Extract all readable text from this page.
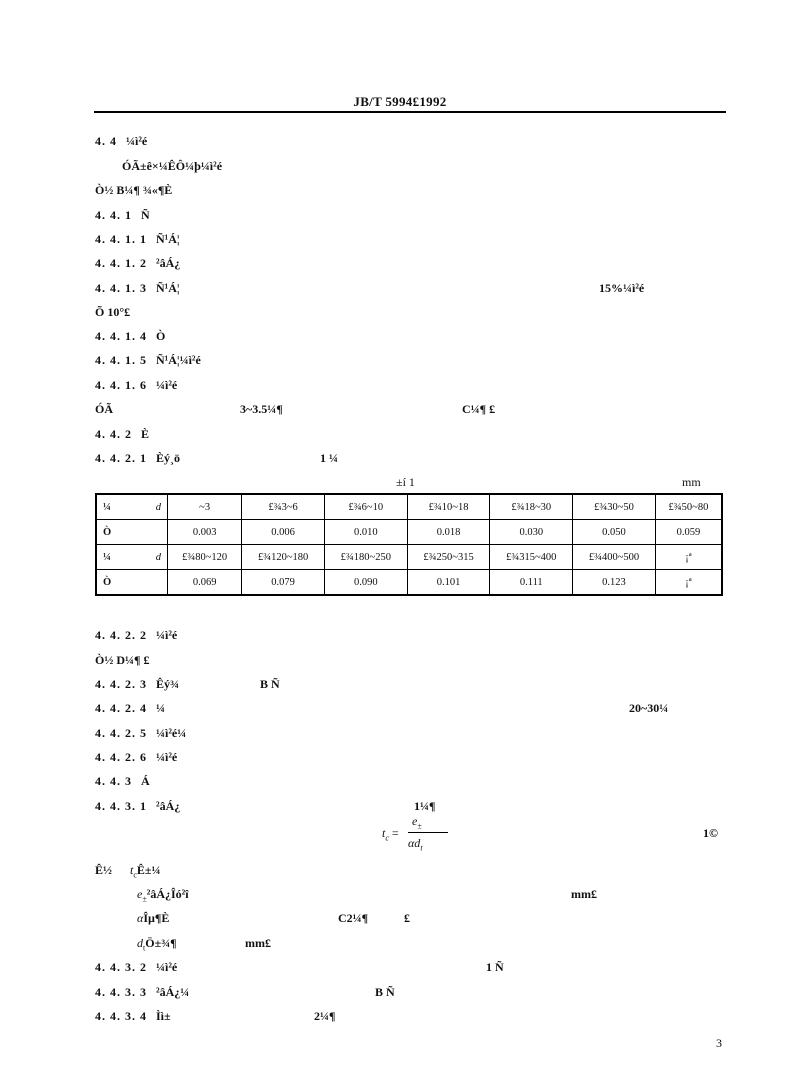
JB/T 5994£1992
4. 4 ¼ì²é
ÓÃ±ê×¼ÊÔ¼þ¼ì²é
Ò½ B¼¶ ¾«¶È
4. 4. 1 Ñ
4. 4. 1. 1 Ñ¹Á¦
4. 4. 1. 2 ²âÁ¿
4. 4. 1. 3 Ñ¹Á¦	15%¼ì²é
Õ 10°£
4. 4. 1. 4 Ò
4. 4. 1. 5 Ñ¹Á¦¼ì²é
4. 4. 1. 6 ¼ì²é
ÓÃ	3~3.5¼¶	C¼¶ £
4. 4. 2 È
4. 4. 2. 1 Èý¸ö	1 ¼
±í 1	mm
¼ d	~3	£¾3~6	£¾6~10	£¾10~18	£¾18~30	£¾30~50	£¾50~80
Ò	0.003	0.006	0.010	0.018	0.030	0.050	0.059
¼ d	£¾80~120	£¾120~180	£¾180~250	£¾250~315	£¾315~400	£¾400~500	¡ª
Ò	0.069	0.079	0.090	0.101	0.111	0.123	¡ª
4. 4. 2. 2 ¼ì²é
Ò½ D¼¶ £
4. 4. 2. 3 Êý¾	B Ñ
4. 4. 2. 4 ¼	20~30¼
4. 4. 2. 5 ¼ì²é¼
4. 4. 2. 6 ¼ì²é
4. 4. 3 Á
4. 4. 3. 1 ²âÁ¿	1¼¶
$t_c$ =
$e_\pm$
$\alpha d_t$
1©
Ê½ $t_cÊ\pm\frac{1}{4}$
$e_\pm^2âÁ¿Îó^2î$	mm£
αÎµ¶È	C2¼¶	£
$d_tÖ\pm\frac{3}{4}\P$	mm£
4. 4. 3. 2 ¼ì²é	1 Ñ
4. 4. 3. 3 ²âÁ¿¼	B Ñ
4. 4. 3. 4 Ìì±	2¼¶
3
